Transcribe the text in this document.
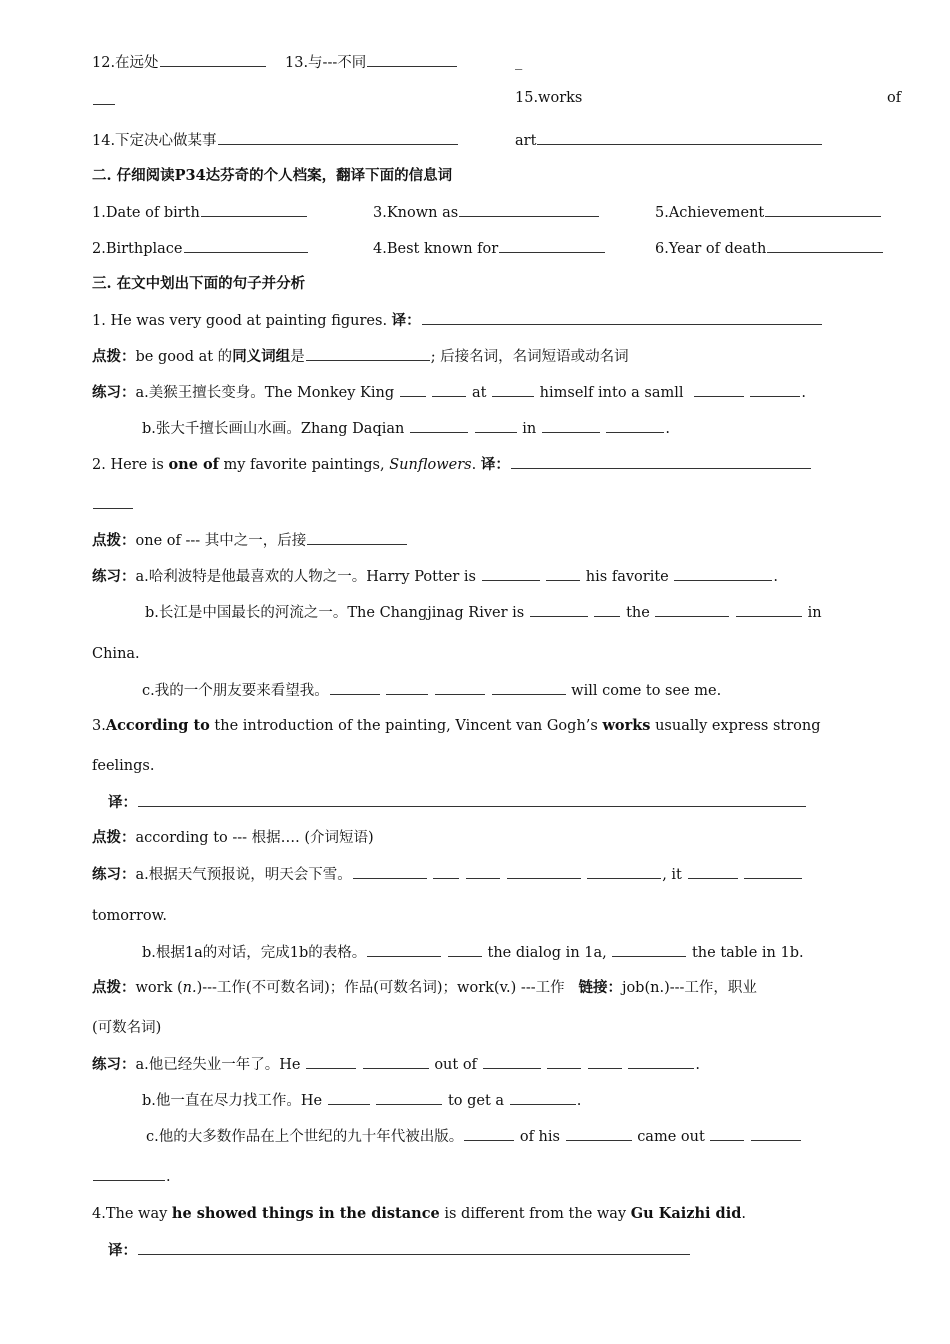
12.在远处	13.与---不同	_
15.works	of
14.下定决心做某事	art
二. 仔细阅读P34达芬奇的个人档案，翻译下面的信息词
1.Date of birth	3.Known as	5.Achievement
2.Birthplace	4.Best known for	6.Year of death
三. 在文中划出下面的句子并分析
1. He was very good at painting figures. 译：
点拨：be good at 的同义词组是	; 后接名词，名词短语或动名词
练习：a.美猴王擅长变身。The Monkey King	at	himself into a samll	.
b.张大千擅长画山水画。Zhang Daqian	in	.
2. Here is one of my favorite paintings, Sunflowers. 译：
点拨：one of --- 其中之一，后接
练习：a.哈利波特是他最喜欢的人物之一。Harry Potter is	his favorite	.
b.长江是中国最长的河流之一。The Changjinag River is	the	in
China.
c.我的一个朋友要来看望我。	will come to see me.
3.According to the introduction of the painting, Vincent van Gogh’s works usually express strong
feelings.
译：
点拨：according to --- 根据…. (介词短语)
练习：a.根据天气预报说，明天会下雪。	, it
tomorrow.
b.根据1a的对话，完成1b的表格。	the dialog in 1a,	the table in 1b.
点拨：work (n.)---工作(不可数名词)；作品(可数名词)；work(v.) ---工作 链接：job(n.)---工作，职业
(可数名词)
练习：a.他已经失业一年了。He	out of	.
b.他一直在尽力找工作。He	to get a	.
c.他的大多数作品在上个世纪的九十年代被出版。	of his	came out
.
4.The way he showed things in the distance is different from the way Gu Kaizhi did.
译：
